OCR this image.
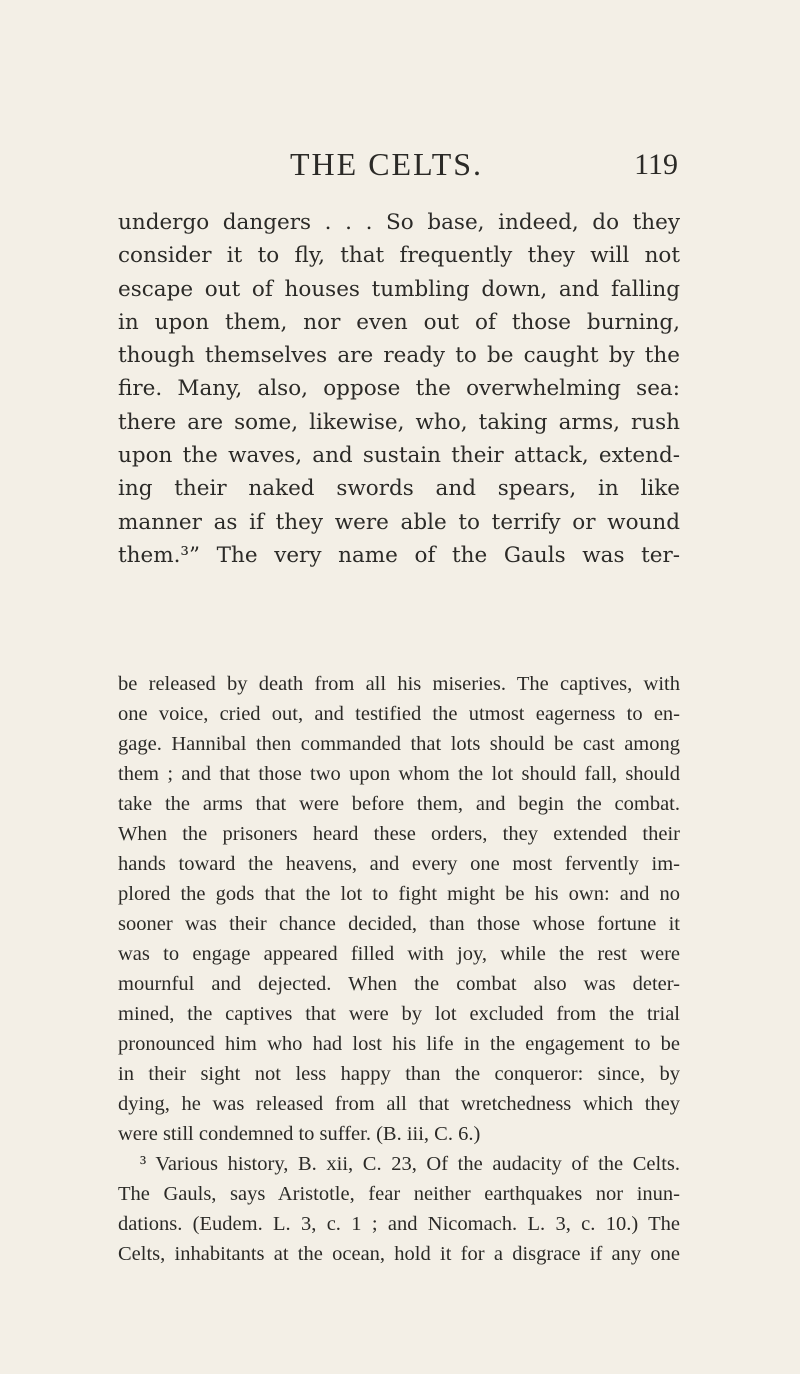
THE CELTS.	119
undergo dangers . . . So base, indeed, do they
consider it to fly, that frequently they will not
escape out of houses tumbling down, and falling
in upon them, nor even out of those burning,
though themselves are ready to be caught by the
fire. Many, also, oppose the overwhelming sea:
there are some, likewise, who, taking arms, rush
upon the waves, and sustain their attack, extend-
ing their naked swords and spears, in like
manner as if they were able to terrify or wound
them.³” The very name of the Gauls was ter-
be released by death from all his miseries. The captives, with
one voice, cried out, and testified the utmost eagerness to en-
gage. Hannibal then commanded that lots should be cast among
them ; and that those two upon whom the lot should fall, should
take the arms that were before them, and begin the combat.
When the prisoners heard these orders, they extended their
hands toward the heavens, and every one most fervently im-
plored the gods that the lot to fight might be his own: and no
sooner was their chance decided, than those whose fortune it
was to engage appeared filled with joy, while the rest were
mournful and dejected. When the combat also was deter-
mined, the captives that were by lot excluded from the trial
pronounced him who had lost his life in the engagement to be
in their sight not less happy than the conqueror: since, by
dying, he was released from all that wretchedness which they
were still condemned to suffer. (B. iii, C. 6.)
³ Various history, B. xii, C. 23, Of the audacity of the Celts.
The Gauls, says Aristotle, fear neither earthquakes nor inun-
dations. (Eudem. L. 3, c. 1 ; and Nicomach. L. 3, c. 10.) The
Celts, inhabitants at the ocean, hold it for a disgrace if any one
